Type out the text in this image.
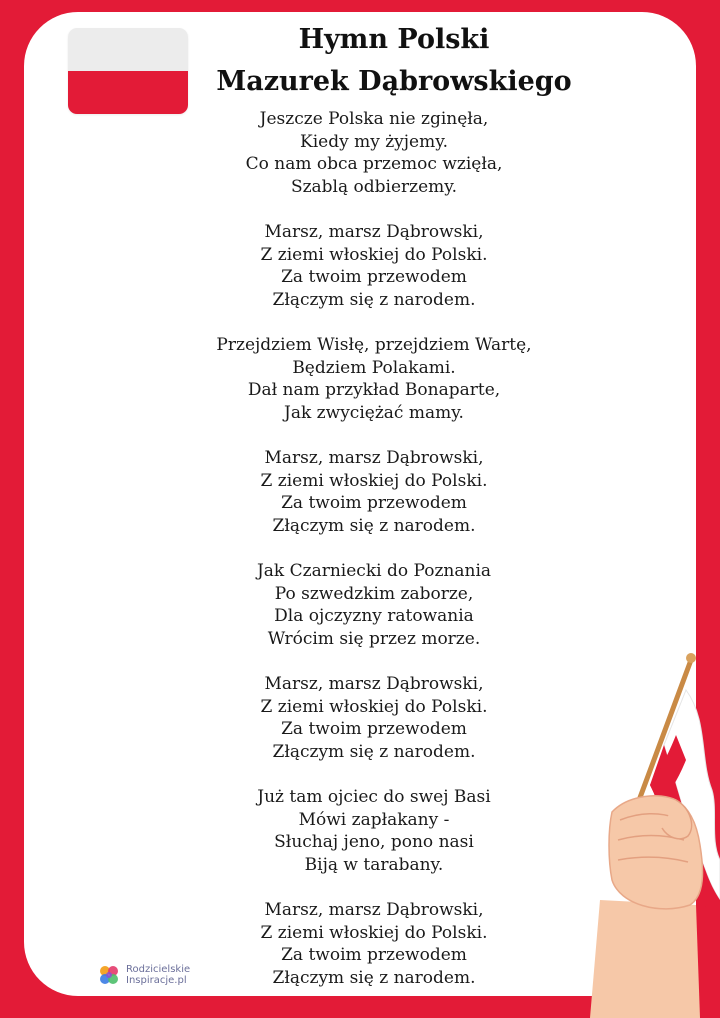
Hymn Polski
Mazurek Dąbrowskiego
Jeszcze Polska nie zginęła,
Kiedy my żyjemy.
Co nam obca przemoc wzięła,
Szablą odbierzemy.
Marsz, marsz Dąbrowski,
Z ziemi włoskiej do Polski.
Za twoim przewodem
Złączym się z narodem.
Przejdziem Wisłę, przejdziem Wartę,
Będziem Polakami.
Dał nam przykład Bonaparte,
Jak zwyciężać mamy.
Marsz, marsz Dąbrowski,
Z ziemi włoskiej do Polski.
Za twoim przewodem
Złączym się z narodem.
Jak Czarniecki do Poznania
Po szwedzkim zaborze,
Dla ojczyzny ratowania
Wrócim się przez morze.
Marsz, marsz Dąbrowski,
Z ziemi włoskiej do Polski.
Za twoim przewodem
Złączym się z narodem.
Już tam ojciec do swej Basi
Mówi zapłakany -
Słuchaj jeno, pono nasi
Biją w tarabany.
Marsz, marsz Dąbrowski,
Z ziemi włoskiej do Polski.
Za twoim przewodem
Złączym się z narodem.
Rodzicielskie
Inspiracje.pl
